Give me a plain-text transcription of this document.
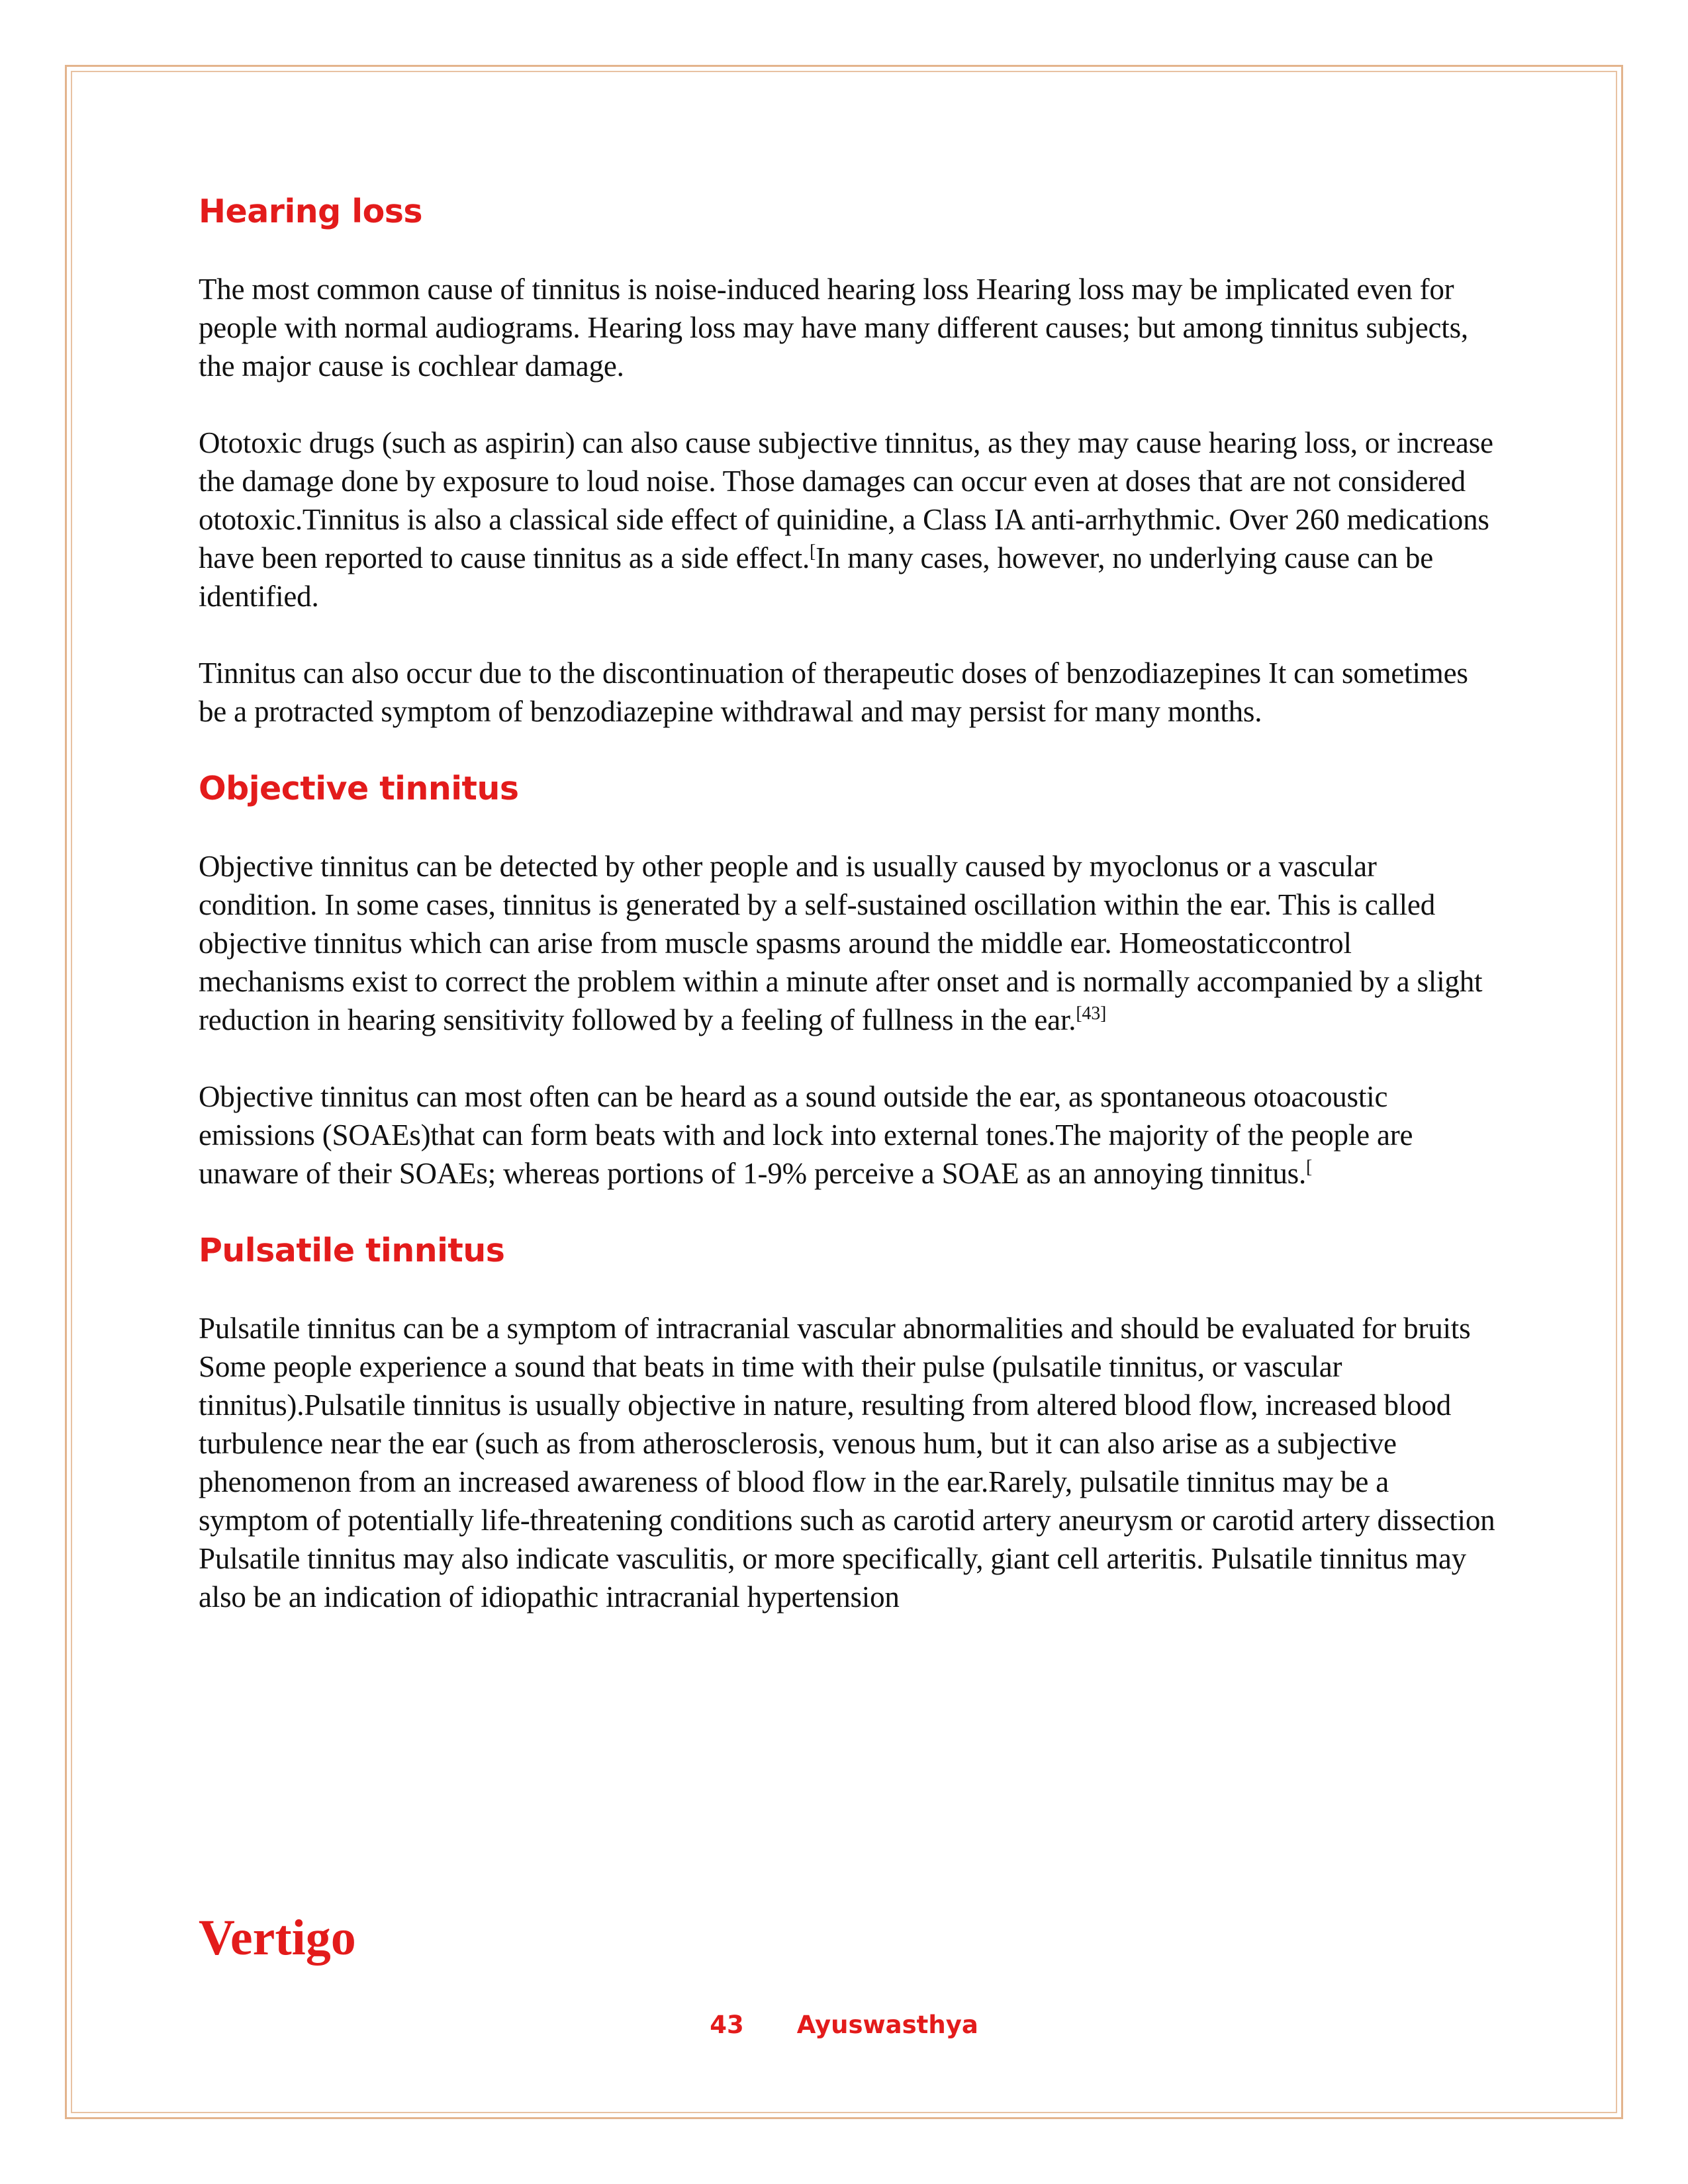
Hearing loss

The most common cause of tinnitus is noise-induced hearing loss Hearing loss may be implicated even for people with normal audiograms. Hearing loss may have many different causes; but among tinnitus subjects, the major cause is cochlear damage.

Ototoxic drugs (such as aspirin) can also cause subjective tinnitus, as they may cause hearing loss, or increase the damage done by exposure to loud noise. Those damages can occur even at doses that are not considered ototoxic.Tinnitus is also a classical side effect of quinidine, a Class IA anti-arrhythmic. Over 260 medications have been reported to cause tinnitus as a side effect.[In many cases, however, no underlying cause can be identified.

Tinnitus can also occur due to the discontinuation of therapeutic doses of benzodiazepines It can sometimes be a protracted symptom of benzodiazepine withdrawal and may persist for many months.

Objective tinnitus

Objective tinnitus can be detected by other people and is usually caused by myoclonus or a vascular condition. In some cases, tinnitus is generated by a self-sustained oscillation within the ear. This is called objective tinnitus which can arise from muscle spasms around the middle ear. Homeostaticcontrol mechanisms exist to correct the problem within a minute after onset and is normally accompanied by a slight reduction in hearing sensitivity followed by a feeling of fullness in the ear.[43]

Objective tinnitus can most often can be heard as a sound outside the ear, as spontaneous otoacoustic emissions (SOAEs)that can form beats with and lock into external tones.The majority of the people are unaware of their SOAEs; whereas portions of 1-9% perceive a SOAE as an annoying tinnitus.[

Pulsatile tinnitus

Pulsatile tinnitus can be a symptom of intracranial vascular abnormalities and should be evaluated for bruits Some people experience a sound that beats in time with their pulse (pulsatile tinnitus, or vascular tinnitus).Pulsatile tinnitus is usually objective in nature, resulting from altered blood flow, increased blood turbulence near the ear (such as from atherosclerosis, venous hum, but it can also arise as a subjective phenomenon from an increased awareness of blood flow in the ear.Rarely, pulsatile tinnitus may be a symptom of potentially life-threatening conditions such as carotid artery aneurysm or carotid artery dissection Pulsatile tinnitus may also indicate vasculitis, or more specifically, giant cell arteritis. Pulsatile tinnitus may also be an indication of idiopathic intracranial hypertension

Vertigo
43 Ayuswasthya
